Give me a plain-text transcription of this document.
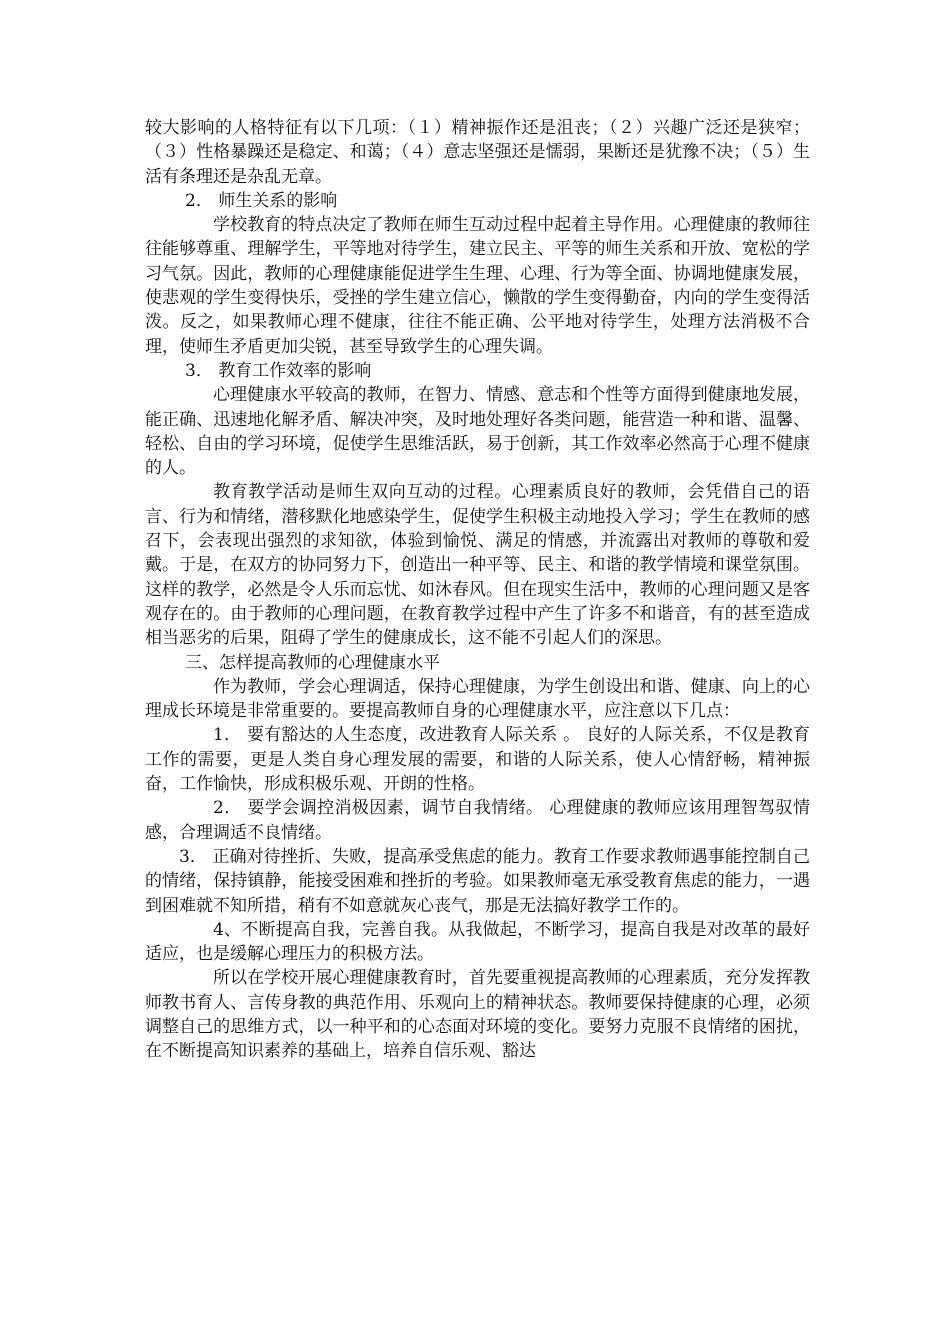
较大影响的人格特征有以下几项：（１）精神振作还是沮丧；（２）兴趣广泛还是狭窄；（３）性格暴躁还是稳定、和蔼；（４）意志坚强还是懦弱，果断还是犹豫不决；（５）生活有条理还是杂乱无章。

2． 师生关系的影响

学校教育的特点决定了教师在师生互动过程中起着主导作用。心理健康的教师往往能够尊重、理解学生，平等地对待学生，建立民主、平等的师生关系和开放、宽松的学习气氛。因此，教师的心理健康能促进学生生理、心理、行为等全面、协调地健康发展，使悲观的学生变得快乐，受挫的学生建立信心，懒散的学生变得勤奋，内向的学生变得活泼。反之，如果教师心理不健康，往往不能正确、公平地对待学生，处理方法消极不合理，使师生矛盾更加尖锐，甚至导致学生的心理失调。

3． 教育工作效率的影响

心理健康水平较高的教师，在智力、情感、意志和个性等方面得到健康地发展，能正确、迅速地化解矛盾、解决冲突，及时地处理好各类问题，能营造一种和谐、温馨、轻松、自由的学习环境，促使学生思维活跃，易于创新，其工作效率必然高于心理不健康的人。

教育教学活动是师生双向互动的过程。心理素质良好的教师，会凭借自己的语言、行为和情绪，潜移默化地感染学生，促使学生积极主动地投入学习；学生在教师的感召下，会表现出强烈的求知欲，体验到愉悦、满足的情感，并流露出对教师的尊敬和爱戴。于是，在双方的协同努力下，创造出一种平等、民主、和谐的教学情境和课堂氛围。这样的教学，必然是令人乐而忘忧、如沐春风。但在现实生活中，教师的心理问题又是客观存在的。由于教师的心理问题，在教育教学过程中产生了许多不和谐音，有的甚至造成相当恶劣的后果，阻碍了学生的健康成长，这不能不引起人们的深思。

三、怎样提高教师的心理健康水平

作为教师，学会心理调适，保持心理健康，为学生创设出和谐、健康、向上的心理成长环境是非常重要的。要提高教师自身的心理健康水平，应注意以下几点：

1． 要有豁达的人生态度，改进教育人际关系 。 良好的人际关系，不仅是教育工作的需要，更是人类自身心理发展的需要，和谐的人际关系，使人心情舒畅，精神振奋，工作愉快，形成积极乐观、开朗的性格。

2． 要学会调控消极因素，调节自我情绪。 心理健康的教师应该用理智驾驭情感，合理调适不良情绪。

3． 正确对待挫折、失败，提高承受焦虑的能力。教育工作要求教师遇事能控制自己的情绪，保持镇静，能接受困难和挫折的考验。如果教师毫无承受教育焦虑的能力，一遇到困难就不知所措，稍有不如意就灰心丧气，那是无法搞好教学工作的。

4、不断提高自我，完善自我。从我做起，不断学习，提高自我是对改革的最好适应，也是缓解心理压力的积极方法。

所以在学校开展心理健康教育时，首先要重视提高教师的心理素质，充分发挥教师教书育人、言传身教的典范作用、乐观向上的精神状态。教师要保持健康的心理，必须调整自己的思维方式，以一种平和的心态面对环境的变化。要努力克服不良情绪的困扰，在不断提高知识素养的基础上，培养自信乐观、豁达
